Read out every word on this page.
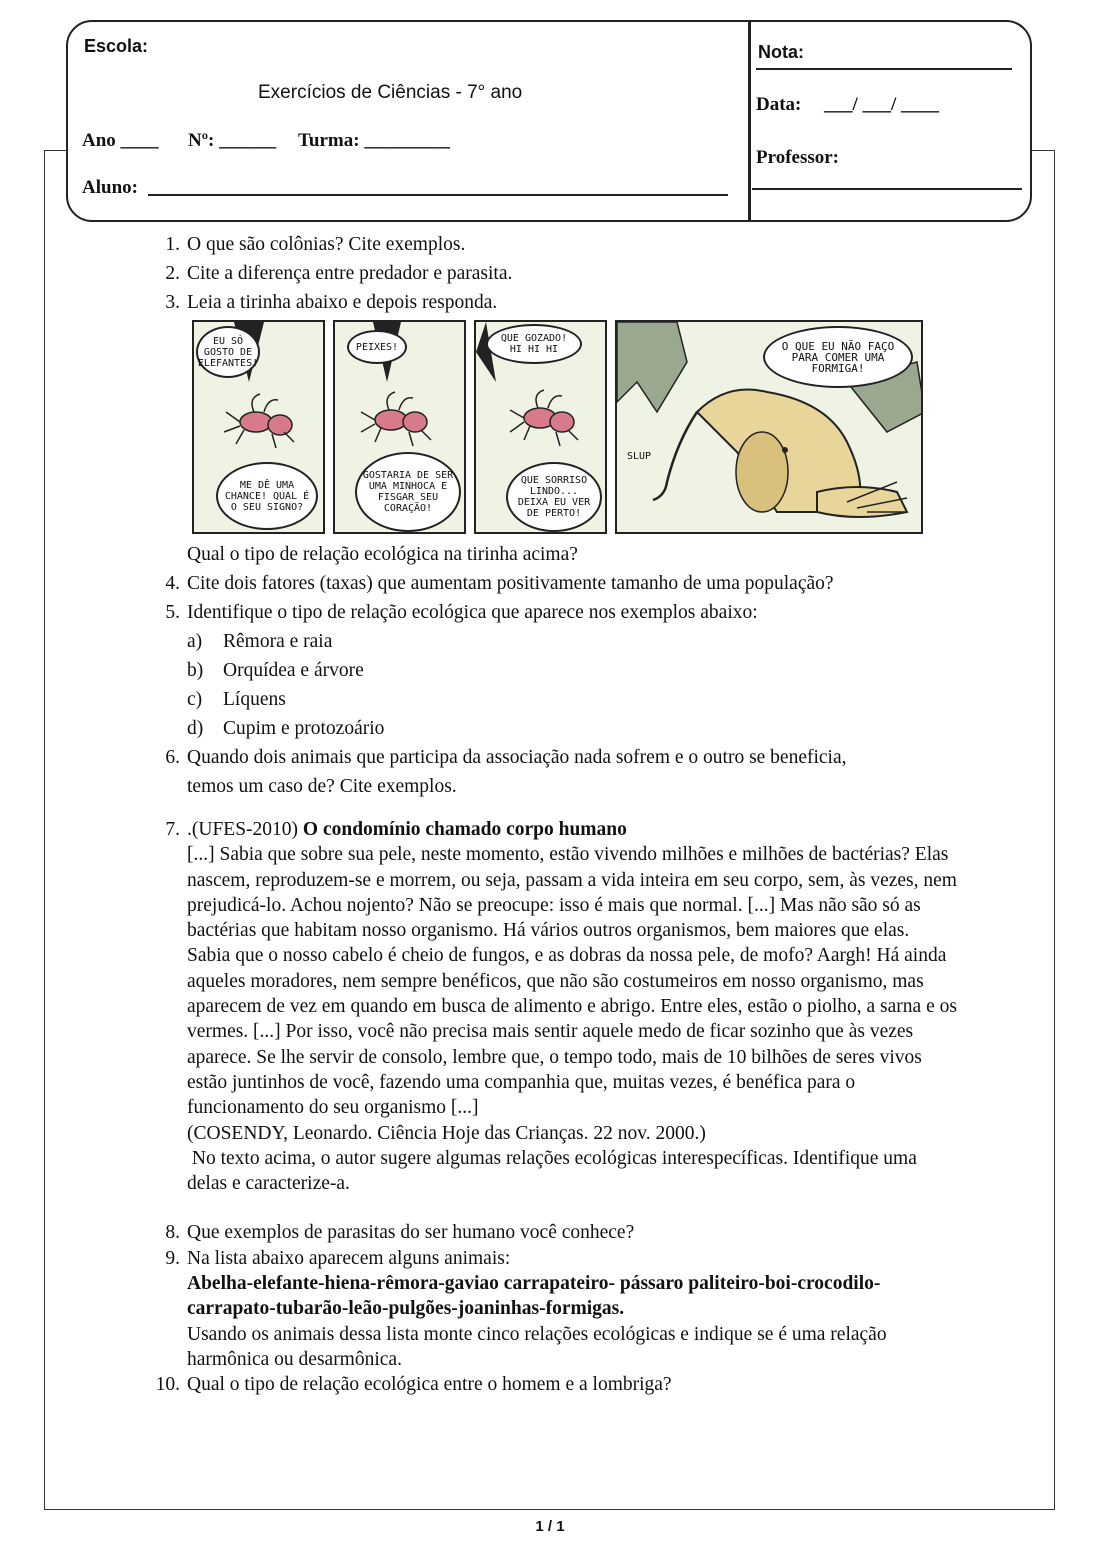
Escola:
Exercícios de Ciências - 7° ano
Ano ____ Nº: ______ Turma: _________
Aluno:
Nota:
Data: ___/ ___/ ____
Professor:
1. O que são colônias? Cite exemplos.
2. Cite a diferença entre predador e parasita.
3. Leia a tirinha abaixo e depois responda.
EU SÓ GOSTO DE ELEFANTES!
ME DÊ UMA CHANCE! QUAL É O SEU SIGNO?
PEIXES!
GOSTARIA DE SER UMA MINHOCA E FISGAR SEU CORAÇÃO!
QUE GOZADO! HI HI HI
QUE SORRISO LINDO... DEIXA EU VER DE PERTO!
O QUE EU NÃO FAÇO PARA COMER UMA FORMIGA!
SLUP
Qual o tipo de relação ecológica na tirinha acima?
4. Cite dois fatores (taxas) que aumentam positivamente tamanho de uma população?
5. Identifique o tipo de relação ecológica que aparece nos exemplos abaixo:
a) Rêmora e raia
b) Orquídea e árvore
c) Líquens
d) Cupim e protozoário
6. Quando dois animais que participa da associação nada sofrem e o outro se beneficia, temos um caso de? Cite exemplos.
7. .(UFES-2010) O condomínio chamado corpo humano
[...] Sabia que sobre sua pele, neste momento, estão vivendo milhões e milhões de bactérias? Elas nascem, reproduzem-se e morrem, ou seja, passam a vida inteira em seu corpo, sem, às vezes, nem prejudicá-lo. Achou nojento? Não se preocupe: isso é mais que normal. [...] Mas não são só as bactérias que habitam nosso organismo. Há vários outros organismos, bem maiores que elas. Sabia que o nosso cabelo é cheio de fungos, e as dobras da nossa pele, de mofo? Aargh! Há ainda aqueles moradores, nem sempre benéficos, que não são costumeiros em nosso organismo, mas aparecem de vez em quando em busca de alimento e abrigo. Entre eles, estão o piolho, a sarna e os vermes. [...] Por isso, você não precisa mais sentir aquele medo de ficar sozinho que às vezes aparece. Se lhe servir de consolo, lembre que, o tempo todo, mais de 10 bilhões de seres vivos estão juntinhos de você, fazendo uma companhia que, muitas vezes, é benéfica para o funcionamento do seu organismo [...]
(COSENDY, Leonardo. Ciência Hoje das Crianças. 22 nov. 2000.)
No texto acima, o autor sugere algumas relações ecológicas interespecíficas. Identifique uma delas e caracterize-a.
8. Que exemplos de parasitas do ser humano você conhece?
9. Na lista abaixo aparecem alguns animais:
Abelha-elefante-hiena-rêmora-gaviao carrapateiro- pássaro paliteiro-boi-crocodilo-carrapato-tubarão-leão-pulgões-joaninhas-formigas.
Usando os animais dessa lista monte cinco relações ecológicas e indique se é uma relação harmônica ou desarmônica.
10. Qual o tipo de relação ecológica entre o homem e a lombriga?
1 / 1
